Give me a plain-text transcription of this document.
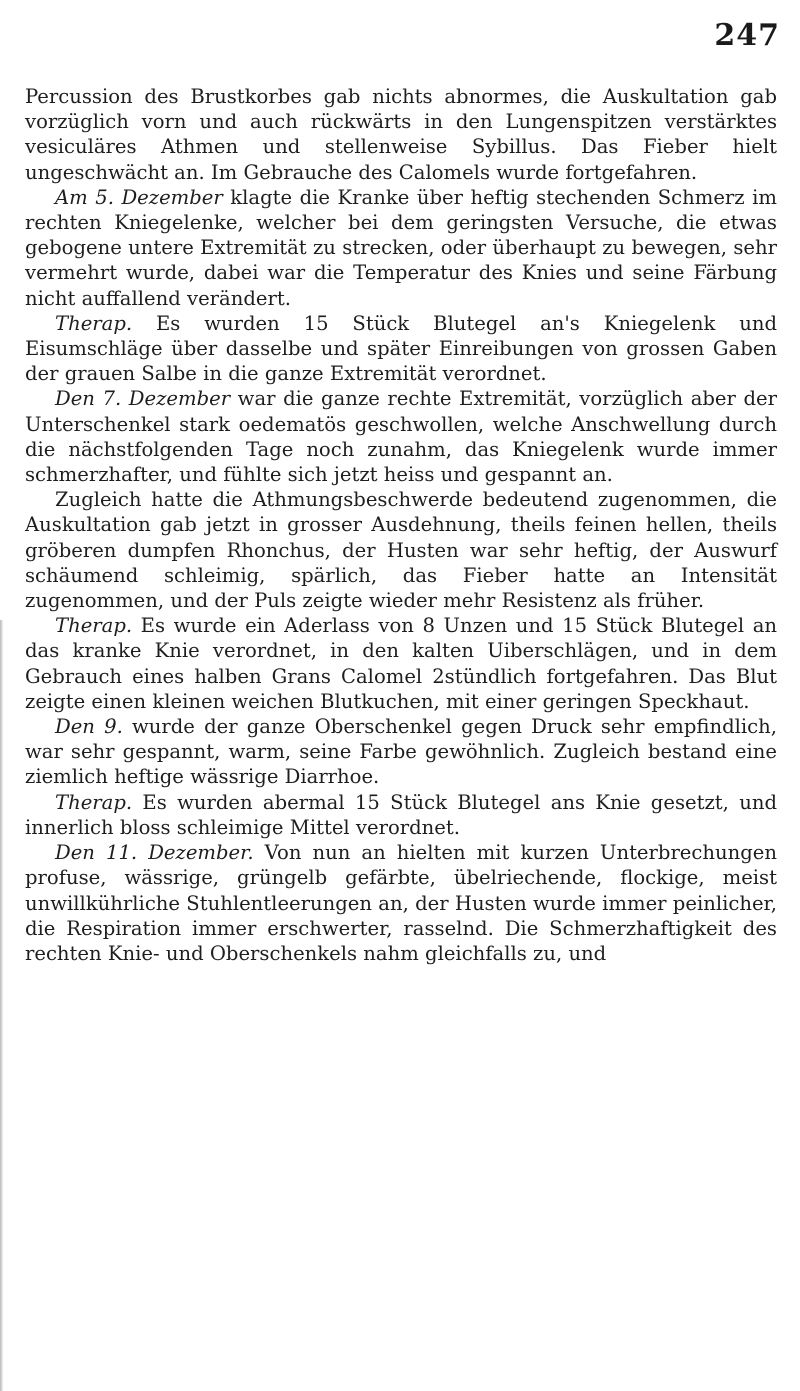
247

Percussion des Brustkorbes gab nichts abnormes, die Auskultation gab vorzüglich vorn und auch rückwärts in den Lungenspitzen verstärktes vesiculäres Athmen und stellenweise Sybillus. Das Fieber hielt ungeschwächt an. Im Gebrauche des Calomels wurde fortgefahren.

Am 5. Dezember klagte die Kranke über heftig stechenden Schmerz im rechten Kniegelenke, welcher bei dem geringsten Versuche, die etwas gebogene untere Extremität zu strecken, oder überhaupt zu bewegen, sehr vermehrt wurde, dabei war die Temperatur des Knies und seine Färbung nicht auffallend verändert.

Therap. Es wurden 15 Stück Blutegel an's Kniegelenk und Eisumschläge über dasselbe und später Einreibungen von grossen Gaben der grauen Salbe in die ganze Extremität verordnet.

Den 7. Dezember war die ganze rechte Extremität, vorzüglich aber der Unterschenkel stark oedematös geschwollen, welche Anschwellung durch die nächstfolgenden Tage noch zunahm, das Kniegelenk wurde immer schmerzhafter, und fühlte sich jetzt heiss und gespannt an.

Zugleich hatte die Athmungsbeschwerde bedeutend zugenommen, die Auskultation gab jetzt in grosser Ausdehnung, theils feinen hellen, theils gröberen dumpfen Rhonchus, der Husten war sehr heftig, der Auswurf schäumend schleimig, spärlich, das Fieber hatte an Intensität zugenommen, und der Puls zeigte wieder mehr Resistenz als früher.

Therap. Es wurde ein Aderlass von 8 Unzen und 15 Stück Blutegel an das kranke Knie verordnet, in den kalten Uiberschlägen, und in dem Gebrauch eines halben Grans Calomel 2stündlich fortgefahren. Das Blut zeigte einen kleinen weichen Blutkuchen, mit einer geringen Speckhaut.

Den 9. wurde der ganze Oberschenkel gegen Druck sehr empfindlich, war sehr gespannt, warm, seine Farbe gewöhnlich. Zugleich bestand eine ziemlich heftige wässrige Diarrhoe.

Therap. Es wurden abermal 15 Stück Blutegel ans Knie gesetzt, und innerlich bloss schleimige Mittel verordnet.

Den 11. Dezember. Von nun an hielten mit kurzen Unterbrechungen profuse, wässrige, grüngelb gefärbte, übelriechende, flockige, meist unwillkührliche Stuhlentleerungen an, der Husten wurde immer peinlicher, die Respiration immer erschwerter, rasselnd. Die Schmerzhaftigkeit des rechten Knie- und Oberschenkels nahm gleichfalls zu, und
